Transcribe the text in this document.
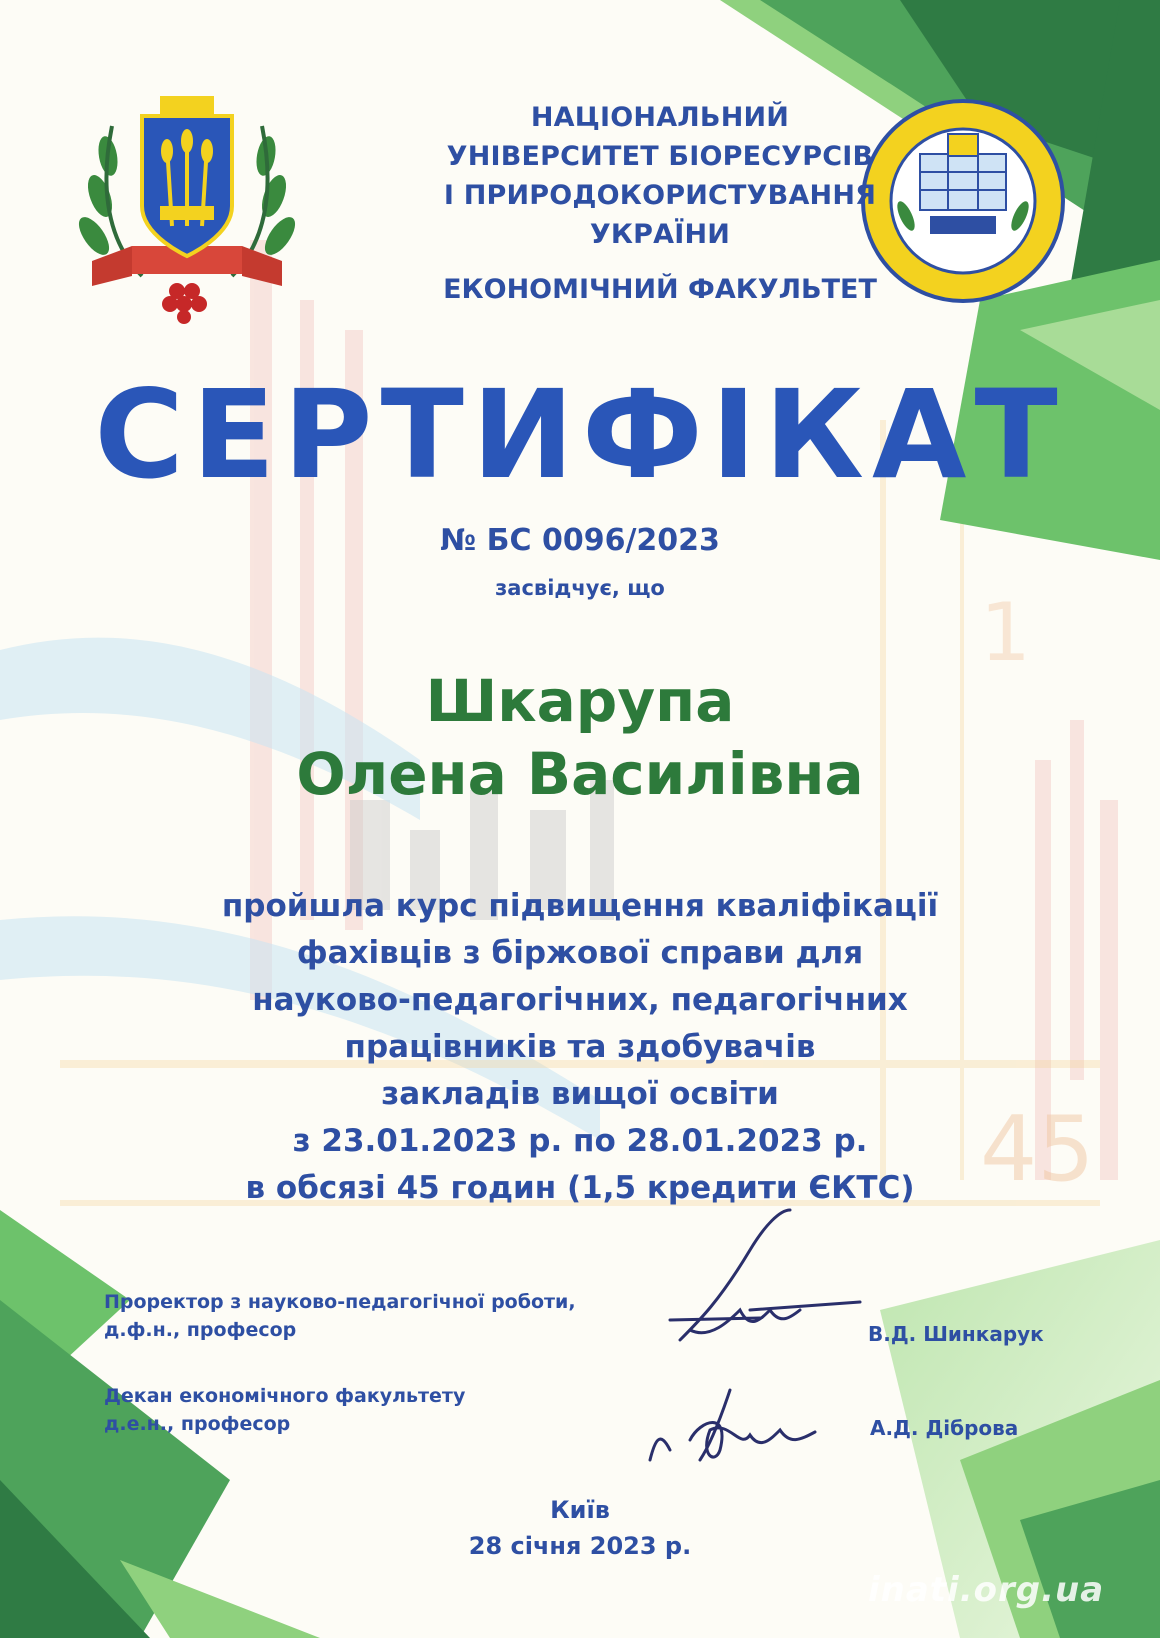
45
1
НАЦІОНАЛЬНИЙ
УНІВЕРСИТЕТ БІОРЕСУРСІВ
І ПРИРОДОКОРИСТУВАННЯ
УКРАЇНИ
ЕКОНОМІЧНИЙ ФАКУЛЬТЕТ
СЕРТИФІКАТ
№ БС 0096/2023
засвідчує, що
Шкарупа
Олена Василівна
пройшла курс підвищення кваліфікації
фахівців з біржової справи для
науково-педагогічних, педагогічних
працівників та здобувачів
закладів вищої освіти
з 23.01.2023 р. по 28.01.2023 р.
в обсязі 45 годин (1,5 кредити ЄКТС)
Проректор з науково-педагогічної роботи,
д.ф.н., професор	В.Д. Шинкарук
Декан економічного факультету
д.е.н., професор	А.Д. Діброва
Київ
28 січня 2023 р.
inati.org.ua
